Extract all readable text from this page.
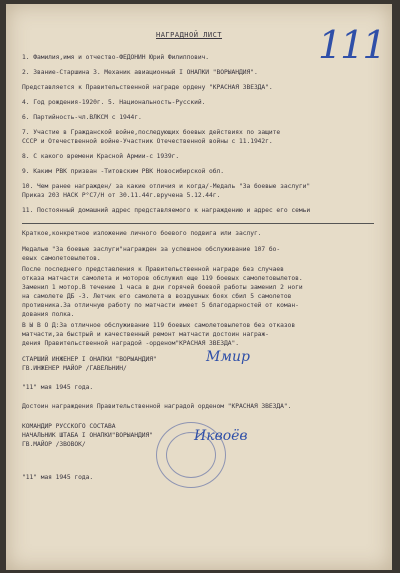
111
НАГРАДНОЙ ЛИСТ
1. Фамилия,имя и отчество-ФЕДОНИН Юрий Филиппович.
2. Звание-Старшина 3. Механик авиационный I ОНАПКИ "ВОРЫАНДИЯ".
Представляется к Правительственной награде ордену "КРАСНАЯ ЗВЕЗДА".
4. Год рождения-1920г. 5. Национальность-Русский.
6. Партийность-чл.ВЛКСМ с 1944г.
7. Участие в Гражданской войне,последующих боевых действиях по защите
СССР и Отечественной войне-Участник Отечественной войны с 11.1942г.
8. С какого времени Красной Армии-с 1939г.
9. Каким РВК призван -Титовским РВК Новосибирской обл.
10. Чем ранее награжден/ за какие отличия и когда/-Медаль "За боевые заслуги"
Приказ 203 НАСК Р°С7/Н от 30.11.44г.вручена 5.12.44г.
11. Постоянный домашний адрес представляемого к награждению и адрес его семьи
Краткое,конкретное изложение личного боевого подвига или заслуг.
Медалью "За боевые заслуги"награжден за успешное обслуживание 107 бо-
евых самолетовылетов.
После последнего представления к Правительственной награде без случаев
отказа матчасти самолета и моторов обслужил еще 119 боевых самолетовылетов.
Заменил 1 мотор.В течение 1 часа в дни горячей боевой работы заменил 2 ноги
на самолете ДБ -3. Летчик его самолета в воздушных боях сбил 5 самолетов
противника.За отличную работу по матчасти имеет 5 благодарностей от коман-
дования полка.
В Ы В О Д:За отличное обслуживание 119 боевых самолетовылетов без отказов
матчасти,за быстрый и качественный ремонт матчасти достоин награж-
дения Правительственной наградой -орденом"КРАСНАЯ ЗВЕЗДА".
СТАРШИЙ ИНЖЕНЕР I ОНАПКИ "ВОРЫАНДИЯ"
ГВ.ИНЖЕНЕР МАЙОР /ГАВЕЛЬНИН/
Ммир
"11" мая 1945 года.
Достоин награждения Правительственной наградой орденом "КРАСНАЯ ЗВЕЗДА".
КОМАНДИР РУССКОГО СОСТАВА
НАЧАЛЬНИК ШТАБА I ОНАПКИ"ВОРЫАНДИЯ"
ГВ.МАЙОР /ЗВОВОК/
Иквоёв
"11" мая 1945 года.
